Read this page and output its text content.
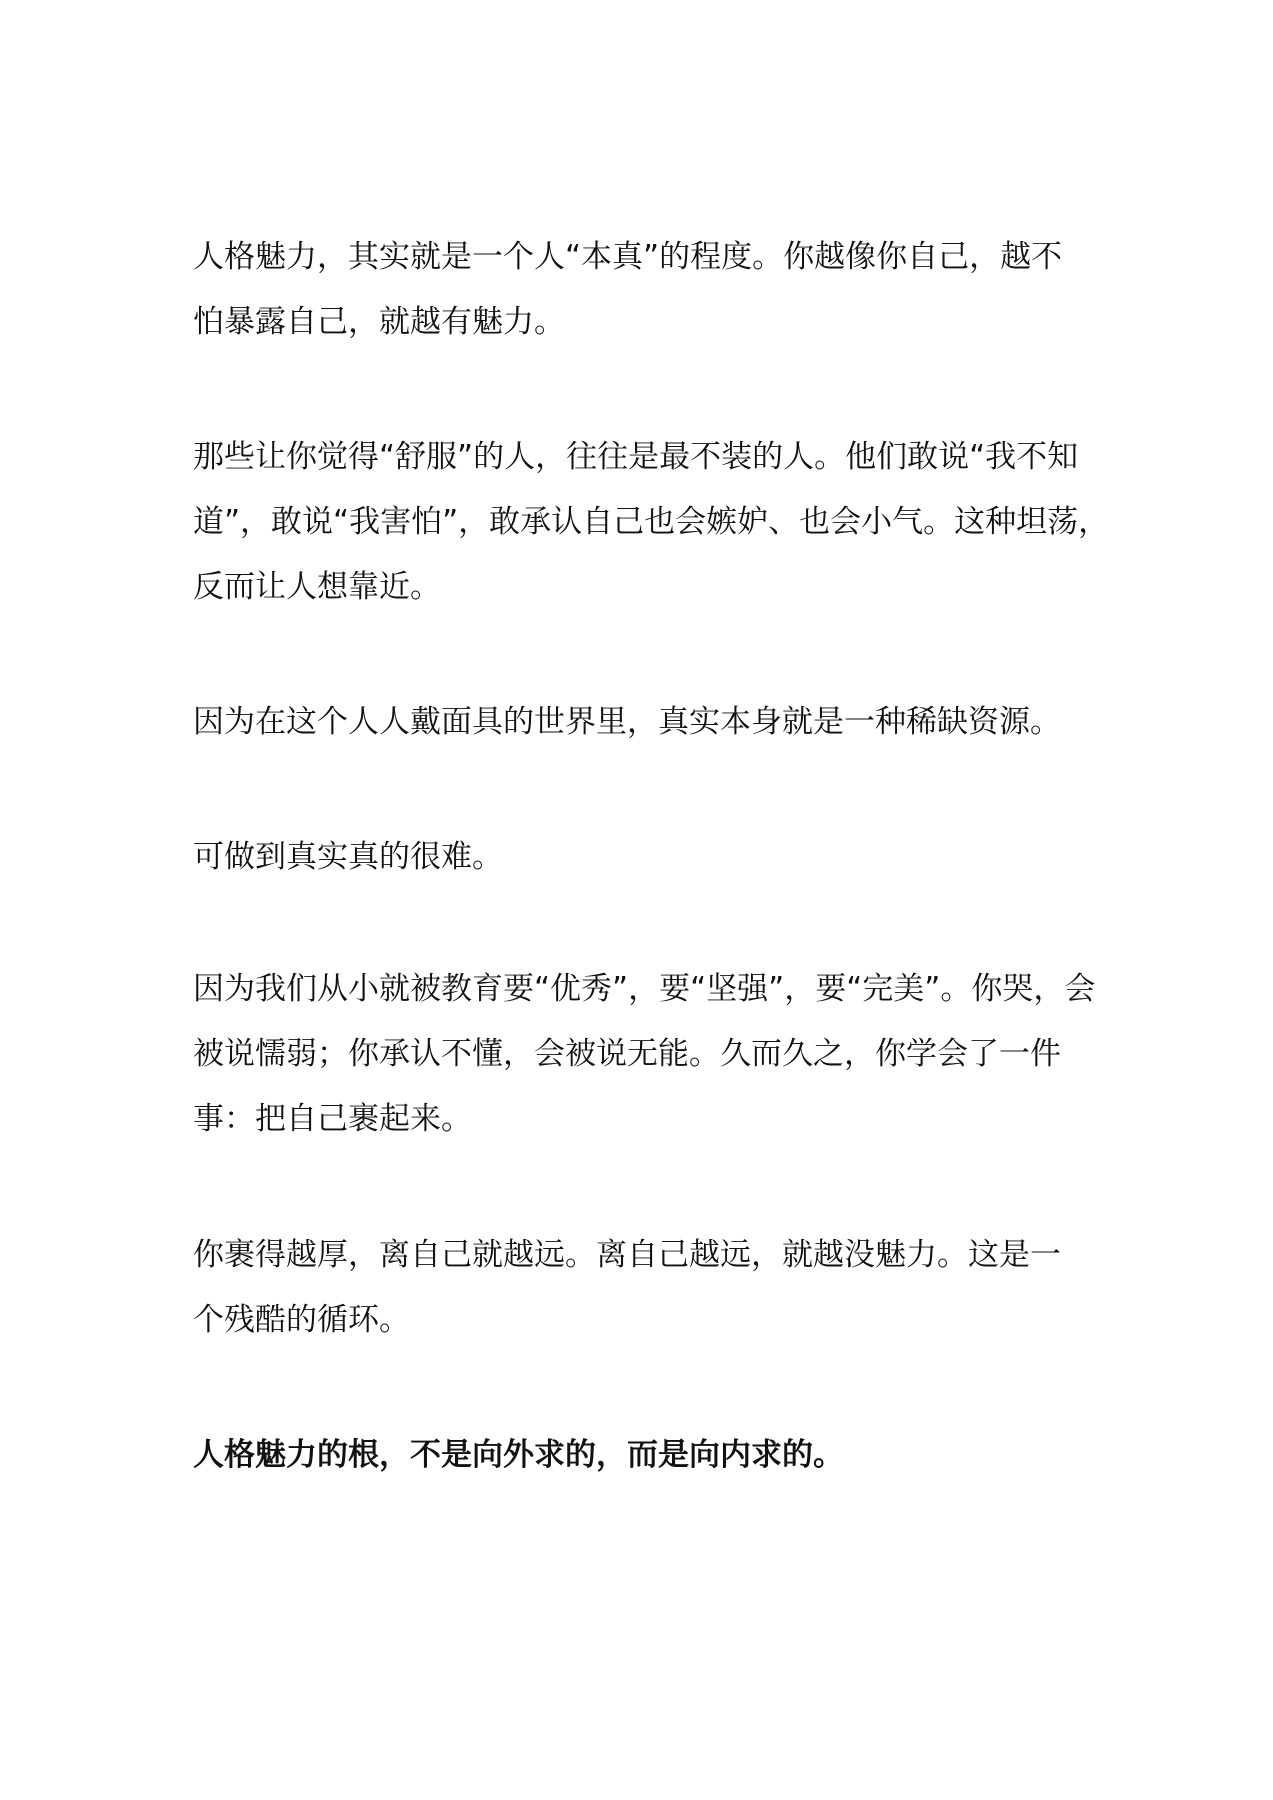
人格魅力，其实就是一个人“本真”的程度。你越像你自己，越不
怕暴露自己，就越有魅力。

那些让你觉得“舒服”的人，往往是最不装的人。他们敢说“我不知
道”，敢说“我害怕”，敢承认自己也会嫉妒、也会小气。这种坦荡，
反而让人想靠近。

因为在这个人人戴面具的世界里，真实本身就是一种稀缺资源。

可做到真实真的很难。

因为我们从小就被教育要“优秀”，要“坚强”，要“完美”。你哭，会
被说懦弱；你承认不懂，会被说无能。久而久之，你学会了一件
事：把自己裹起来。

你裹得越厚，离自己就越远。离自己越远，就越没魅力。这是一
个残酷的循环。

人格魅力的根，不是向外求的，而是向内求的。
